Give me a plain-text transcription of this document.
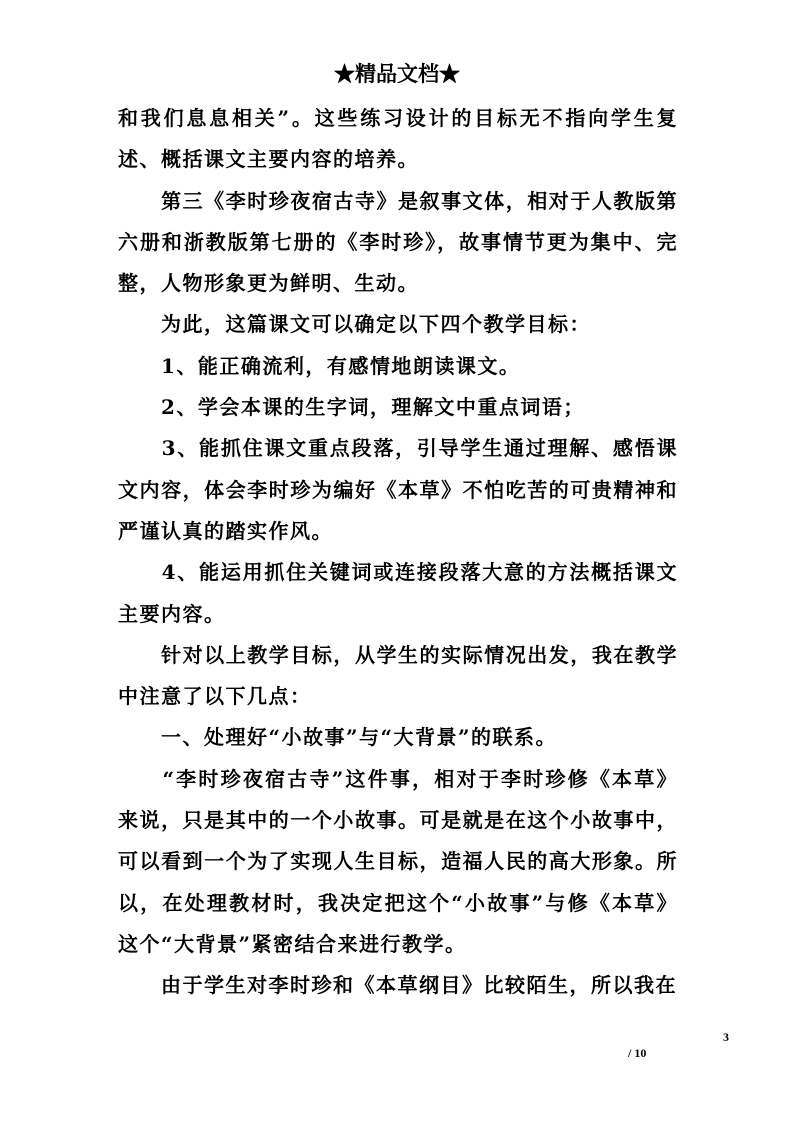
★精品文档★

和我们息息相关”。这些练习设计的目标无不指向学生复述、概括课文主要内容的培养。

　　第三《李时珍夜宿古寺》是叙事文体，相对于人教版第六册和浙教版第七册的《李时珍》，故事情节更为集中、完整，人物形象更为鲜明、生动。

　　为此，这篇课文可以确定以下四个教学目标：

　　1、能正确流利，有感情地朗读课文。

　　2、学会本课的生字词，理解文中重点词语；

　　3、能抓住课文重点段落，引导学生通过理解、感悟课文内容，体会李时珍为编好《本草》不怕吃苦的可贵精神和严谨认真的踏实作风。

　　4、能运用抓住关键词或连接段落大意的方法概括课文主要内容。

　　针对以上教学目标，从学生的实际情况出发，我在教学中注意了以下几点：

　　一、处理好“小故事”与“大背景”的联系。

　　“李时珍夜宿古寺”这件事，相对于李时珍修《本草》来说，只是其中的一个小故事。可是就是在这个小故事中，可以看到一个为了实现人生目标，造福人民的高大形象。所以，在处理教材时，我决定把这个“小故事”与修《本草》这个“大背景”紧密结合来进行教学。

　　由于学生对李时珍和《本草纲目》比较陌生，所以我在

3
/ 10
